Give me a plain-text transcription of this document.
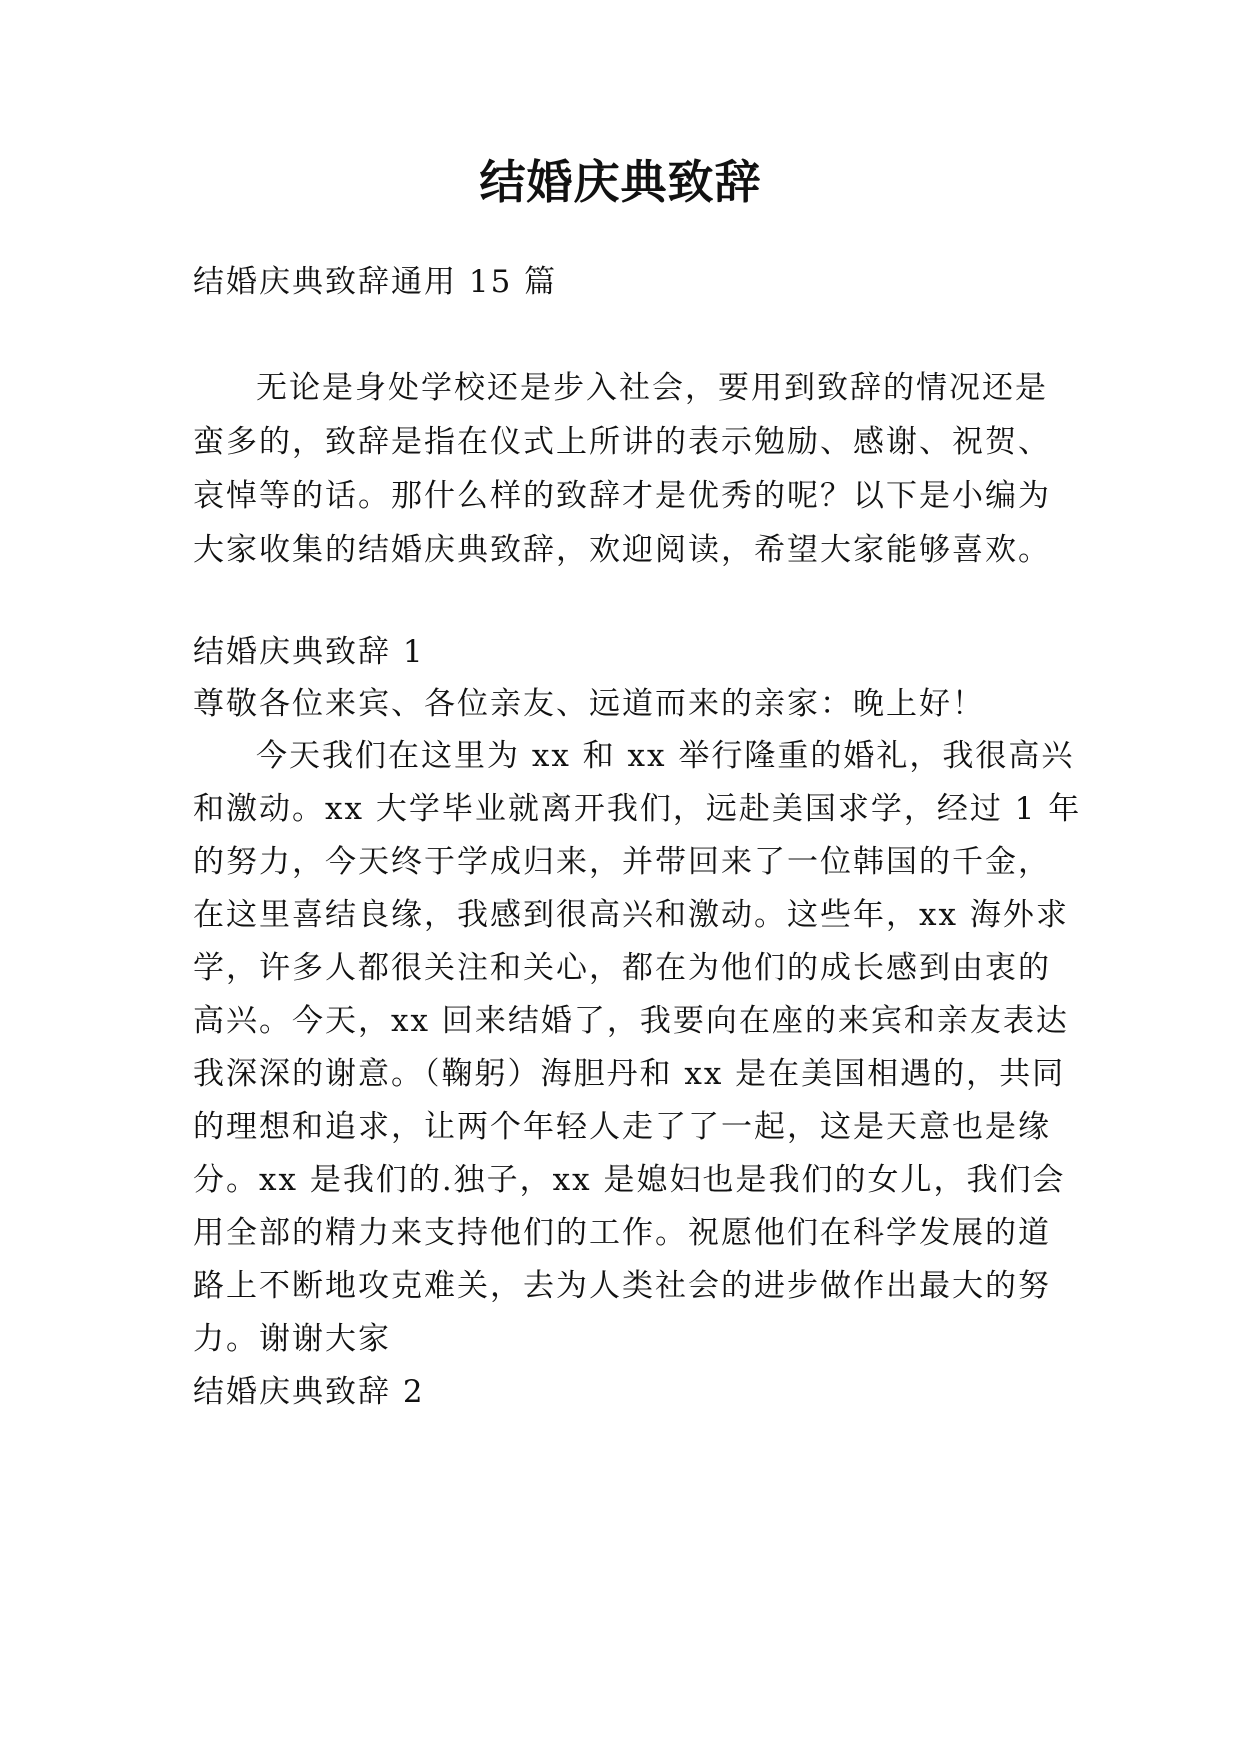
结婚庆典致辞

结婚庆典致辞通用 15 篇

无论是身处学校还是步入社会，要用到致辞的情况还是

蛮多的，致辞是指在仪式上所讲的表示勉励、感谢、祝贺、

哀悼等的话。那什么样的致辞才是优秀的呢？以下是小编为

大家收集的结婚庆典致辞，欢迎阅读，希望大家能够喜欢。

结婚庆典致辞 1

尊敬各位来宾、各位亲友、远道而来的亲家：晚上好！

今天我们在这里为 xx 和 xx 举行隆重的婚礼，我很高兴

和激动。xx 大学毕业就离开我们，远赴美国求学，经过 1 年

的努力，今天终于学成归来，并带回来了一位韩国的千金，

在这里喜结良缘，我感到很高兴和激动。这些年，xx 海外求

学，许多人都很关注和关心，都在为他们的成长感到由衷的

高兴。今天，xx 回来结婚了，我要向在座的来宾和亲友表达

我深深的谢意。（鞠躬）海胆丹和 xx 是在美国相遇的，共同

的理想和追求，让两个年轻人走了了一起，这是天意也是缘

分。xx 是我们的.独子，xx 是媳妇也是我们的女儿，我们会

用全部的精力来支持他们的工作。祝愿他们在科学发展的道

路上不断地攻克难关，去为人类社会的进步做作出最大的努

力。谢谢大家

结婚庆典致辞 2
